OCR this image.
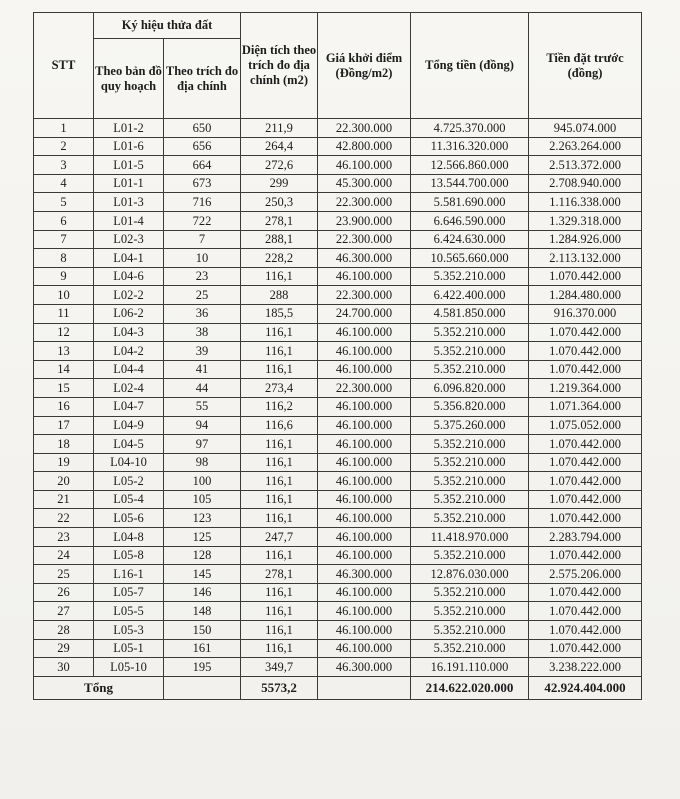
STT	Ký hiệu thửa đất		Diện tích theo trích đo địa chính (m2)	Giá khởi điểm (Đồng/m2)	Tổng tiền (đồng)	Tiền đặt trước (đồng)
	Theo bản đồ quy hoạch	Theo trích đo địa chính				
1	L01-2	650	211,9	22.300.000	4.725.370.000	945.074.000
2	L01-6	656	264,4	42.800.000	11.316.320.000	2.263.264.000
3	L01-5	664	272,6	46.100.000	12.566.860.000	2.513.372.000
4	L01-1	673	299	45.300.000	13.544.700.000	2.708.940.000
5	L01-3	716	250,3	22.300.000	5.581.690.000	1.116.338.000
6	L01-4	722	278,1	23.900.000	6.646.590.000	1.329.318.000
7	L02-3	7	288,1	22.300.000	6.424.630.000	1.284.926.000
8	L04-1	10	228,2	46.300.000	10.565.660.000	2.113.132.000
9	L04-6	23	116,1	46.100.000	5.352.210.000	1.070.442.000
10	L02-2	25	288	22.300.000	6.422.400.000	1.284.480.000
11	L06-2	36	185,5	24.700.000	4.581.850.000	916.370.000
12	L04-3	38	116,1	46.100.000	5.352.210.000	1.070.442.000
13	L04-2	39	116,1	46.100.000	5.352.210.000	1.070.442.000
14	L04-4	41	116,1	46.100.000	5.352.210.000	1.070.442.000
15	L02-4	44	273,4	22.300.000	6.096.820.000	1.219.364.000
16	L04-7	55	116,2	46.100.000	5.356.820.000	1.071.364.000
17	L04-9	94	116,6	46.100.000	5.375.260.000	1.075.052.000
18	L04-5	97	116,1	46.100.000	5.352.210.000	1.070.442.000
19	L04-10	98	116,1	46.100.000	5.352.210.000	1.070.442.000
20	L05-2	100	116,1	46.100.000	5.352.210.000	1.070.442.000
21	L05-4	105	116,1	46.100.000	5.352.210.000	1.070.442.000
22	L05-6	123	116,1	46.100.000	5.352.210.000	1.070.442.000
23	L04-8	125	247,7	46.100.000	11.418.970.000	2.283.794.000
24	L05-8	128	116,1	46.100.000	5.352.210.000	1.070.442.000
25	L16-1	145	278,1	46.300.000	12.876.030.000	2.575.206.000
26	L05-7	146	116,1	46.100.000	5.352.210.000	1.070.442.000
27	L05-5	148	116,1	46.100.000	5.352.210.000	1.070.442.000
28	L05-3	150	116,1	46.100.000	5.352.210.000	1.070.442.000
29	L05-1	161	116,1	46.100.000	5.352.210.000	1.070.442.000
30	L05-10	195	349,7	46.300.000	16.191.110.000	3.238.222.000
Tổng			5573,2		214.622.020.000	42.924.404.000
